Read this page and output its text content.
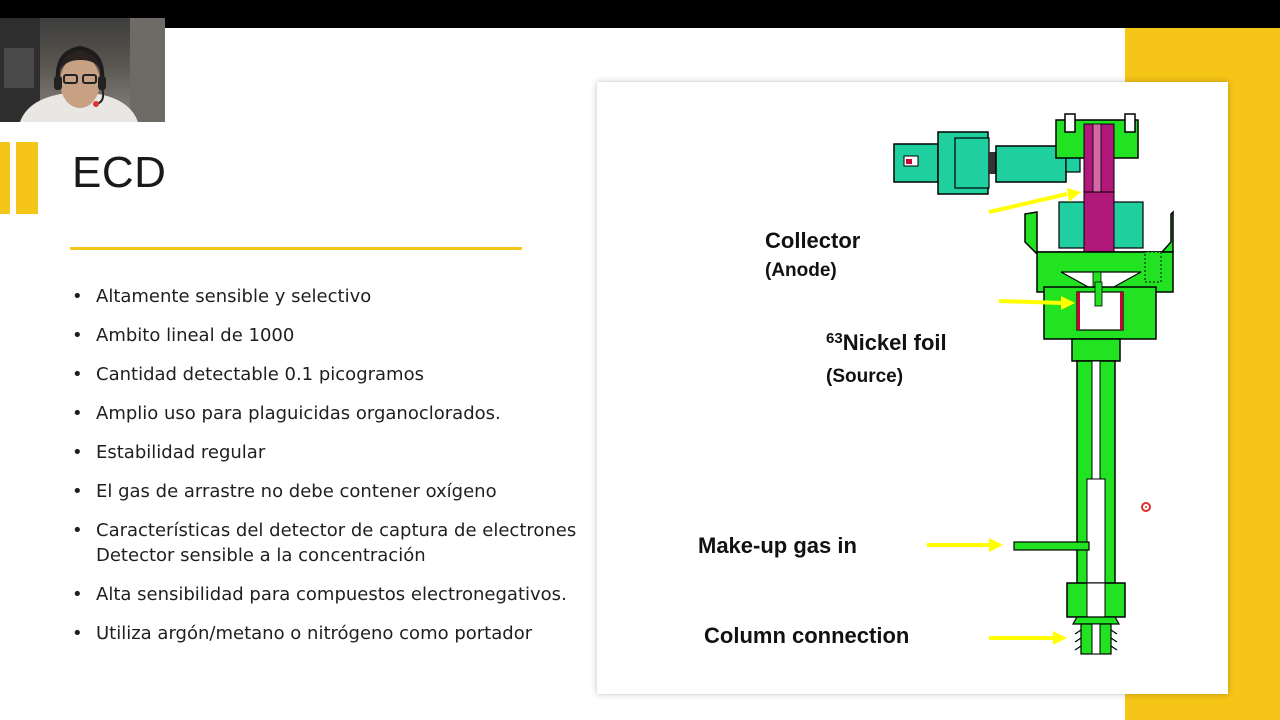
ECD
• Altamente sensible y selectivo
• Ambito lineal de 1000
• Cantidad detectable 0.1 picogramos
• Amplio uso para plaguicidas organoclorados.
• Estabilidad regular
• El gas de arrastre no debe contener oxígeno
• Características del detector de captura de electrones Detector sensible a la concentración
• Alta sensibilidad para compuestos electronegativos.
• Utiliza argón/metano o nitrógeno como portador
Collector
(Anode)
$^{63}$Nickel foil
(Source)
Make-up gas in
Column connection
